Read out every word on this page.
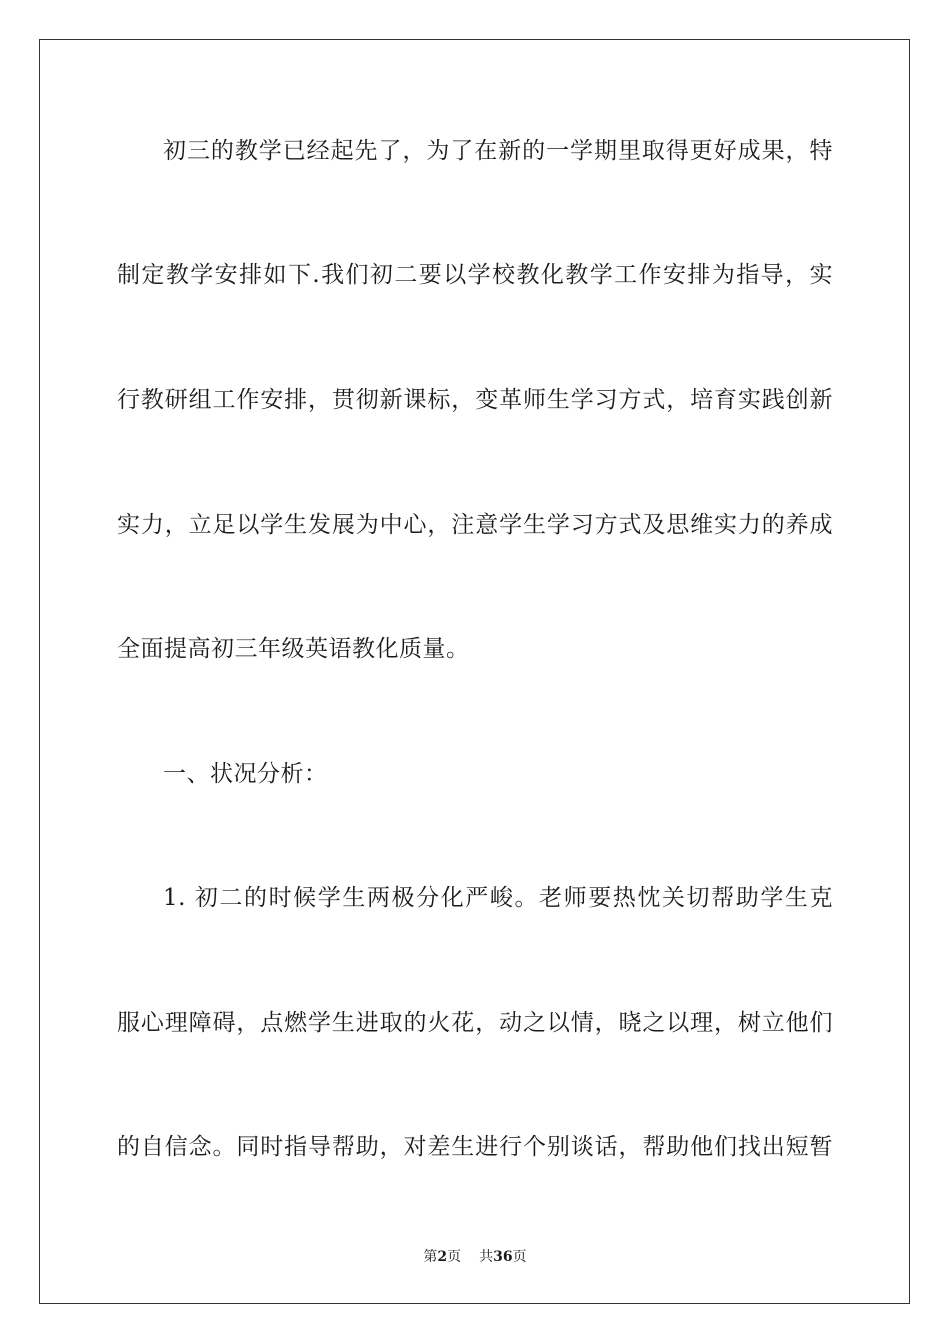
初三的教学已经起先了，为了在新的一学期里取得更好成果，特
制定教学安排如下.我们初二要以学校教化教学工作安排为指导，实
行教研组工作安排，贯彻新课标，变革师生学习方式，培育实践创新
实力，立足以学生发展为中心，注意学生学习方式及思维实力的养成
全面提高初三年级英语教化质量。
一、状况分析：
1. 初二的时候学生两极分化严峻。老师要热忱关切帮助学生克
服心理障碍，点燃学生进取的火花，动之以情，晓之以理，树立他们
的自信念。同时指导帮助，对差生进行个别谈话，帮助他们找出短暂
第2页 共36页
